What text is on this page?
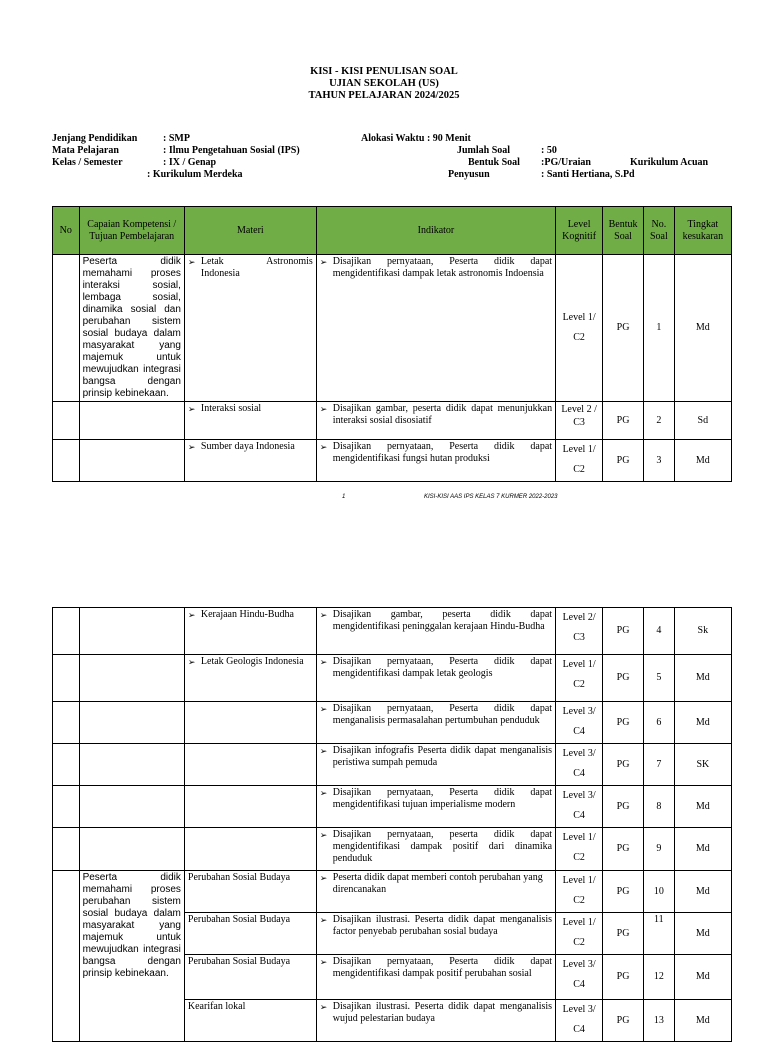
KISI - KISI PENULISAN SOAL
UJIAN SEKOLAH (US)
TAHUN PELAJARAN 2024/2025
Jenjang Pendidikan	: SMP	Alokasi Waktu : 90 Menit
Mata Pelajaran	: Ilmu Pengetahuan Sosial (IPS)	Jumlah Soal	: 50
Kelas / Semester	: IX / Genap	Bentuk Soal :PG/Uraian	Kurikulum Acuan
: Kurikulum Merdeka	Penyusun	: Santi Hertiana, S.Pd
No	Capaian Kompetensi / Tujuan Pembelajaran	Materi	Indikator	Level Kognitif	Bentuk Soal	No. Soal	Tingkat kesukaran
	Peserta didik memahami proses interaksi sosial, lembaga sosial, dinamika sosial dan perubahan sistem sosial budaya dalam masyarakat yang majemuk untuk mewujudkan integrasi bangsa dengan prinsip kebinekaan.	➢ Letak Astronomis Indonesia	➢ Disajikan pernyataan, Peserta didik dapat mengidentifikasi dampak letak astronomis Indoensia	Level 1/
C2	PG	1	Md

		➢ Interaksi sosial	➢ Disajikan gambar, peserta didik dapat menunjukkan interaksi sosial disosiatif	Level 2 /
C3	PG	2	Sd

		➢ Sumber daya Indonesia	➢ Disajikan pernyataan, Peserta didik dapat mengidentifikasi fungsi hutan produksi	Level 1/
C2	PG	3	Md
1	KISI-KISI AAS IPS KELAS 7 KURMER 2022-2023

		➢ Kerajaan Hindu-Budha	➢ Disajikan gambar, peserta didik dapat mengidentifikasi peninggalan kerajaan Hindu-Budha	Level 2/
C3	PG	4	Sk

		➢ Letak Geologis Indonesia	➢ Disajikan pernyataan, Peserta didik dapat mengidentifikasi dampak letak geologis	Level 1/
C2	PG	5	Md

			➢ Disajikan pernyataan, Peserta didik dapat menganalisis permasalahan pertumbuhan penduduk	Level 3/
C4	PG	6	Md

			➢ Disajikan infografis Peserta didik dapat menganalisis peristiwa sumpah pemuda	Level 3/
C4	PG	7	SK

			➢ Disajikan pernyataan, Peserta didik dapat mengidentifikasi tujuan imperialisme modern	Level 3/
C4	PG	8	Md

			➢ Disajikan pernyataan, peserta didik dapat mengidentifikasi dampak positif dari dinamika penduduk	Level 1/
C2	PG	9	Md
	Peserta didik memahami proses perubahan sistem sosial budaya dalam masyarakat yang majemuk untuk mewujudkan integrasi bangsa dengan prinsip kebinekaan.	Perubahan Sosial Budaya	➢ Peserta didik dapat memberi contoh perubahan yang direncanakan	Level 1/
C2	PG	10	Md
		Perubahan Sosial Budaya	➢ Disajikan ilustrasi. Peserta didik dapat menganalisis factor penyebab perubahan sosial budaya	Level 1/
C2	PG	11	Md
		Perubahan Sosial Budaya	➢ Disajikan pernyataan, Peserta didik dapat mengidentifikasi dampak positif perubahan sosial	Level 3/
C4	PG	12	Md
		Kearifan lokal	➢ Disajikan ilustrasi. Peserta didik dapat menganalisis wujud pelestarian budaya	Level 3/
C4	PG	13	Md
